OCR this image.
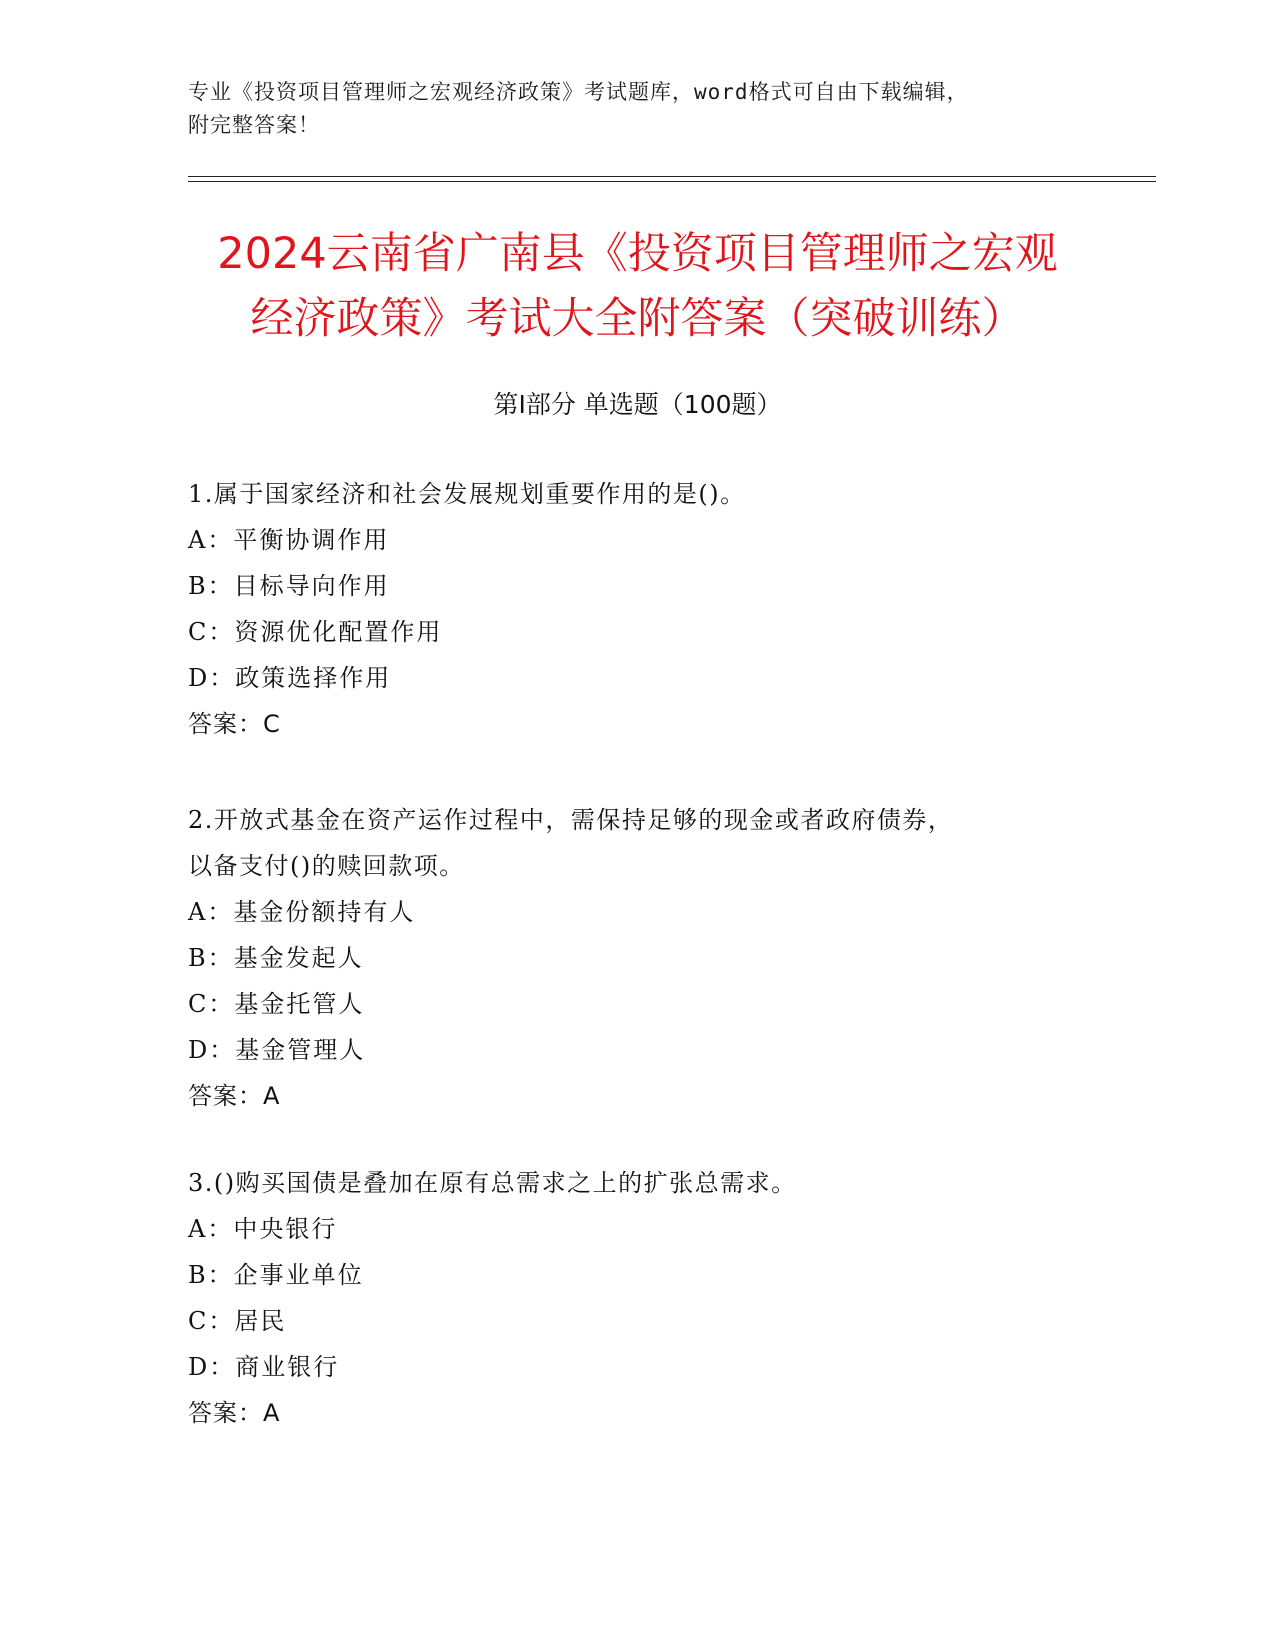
专业《投资项目管理师之宏观经济政策》考试题库，word格式可自由下载编辑，
附完整答案！
2024云南省广南县《投资项目管理师之宏观
经济政策》考试大全附答案（突破训练）
第I部分 单选题（100题）
1.属于国家经济和社会发展规划重要作用的是()。
A：平衡协调作用
B：目标导向作用
C：资源优化配置作用
D：政策选择作用
答案：C
2.开放式基金在资产运作过程中，需保持足够的现金或者政府债券，
以备支付()的赎回款项。
A：基金份额持有人
B：基金发起人
C：基金托管人
D：基金管理人
答案：A
3.()购买国债是叠加在原有总需求之上的扩张总需求。
A：中央银行
B：企事业单位
C：居民
D：商业银行
答案：A
